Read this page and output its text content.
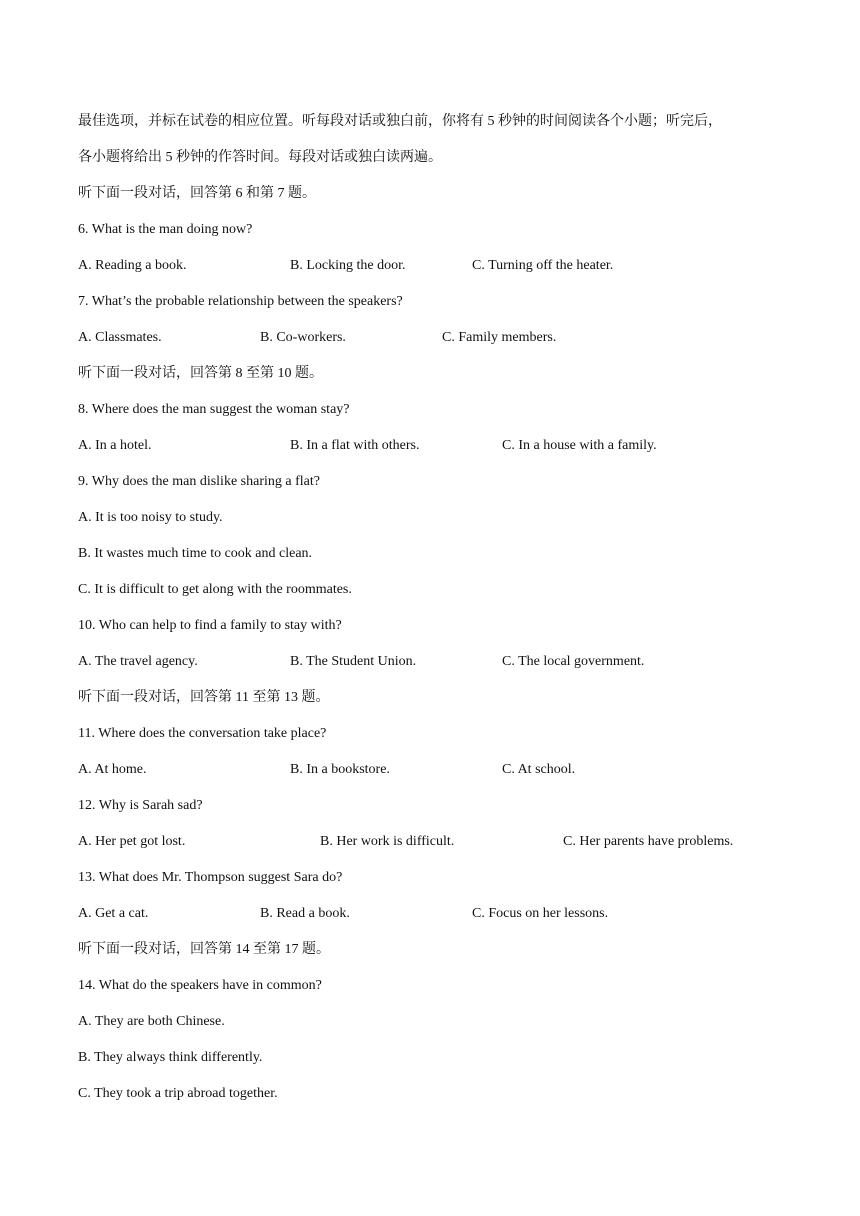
最佳选项，并标在试卷的相应位置。听每段对话或独白前，你将有 5 秒钟的时间阅读各个小题；听完后，
各小题将给出 5 秒钟的作答时间。每段对话或独白读两遍。
听下面一段对话，回答第 6 和第 7 题。
6. What is the man doing now?
A. Reading a book.	B. Locking the door.	C. Turning off the heater.
7. What’s the probable relationship between the speakers?
A. Classmates.	B. Co-workers.	C. Family members.
听下面一段对话，回答第 8 至第 10 题。
8. Where does the man suggest the woman stay?
A. In a hotel.	B. In a flat with others.	C. In a house with a family.
9. Why does the man dislike sharing a flat?
A. It is too noisy to study.
B. It wastes much time to cook and clean.
C. It is difficult to get along with the roommates.
10. Who can help to find a family to stay with?
A. The travel agency.	B. The Student Union.	C. The local government.
听下面一段对话，回答第 11 至第 13 题。
11. Where does the conversation take place?
A. At home.	B. In a bookstore.	C. At school.
12. Why is Sarah sad?
A. Her pet got lost.	B. Her work is difficult.	C. Her parents have problems.
13. What does Mr. Thompson suggest Sara do?
A. Get a cat.	B. Read a book.	C. Focus on her lessons.
听下面一段对话，回答第 14 至第 17 题。
14. What do the speakers have in common?
A. They are both Chinese.
B. They always think differently.
C. They took a trip abroad together.
